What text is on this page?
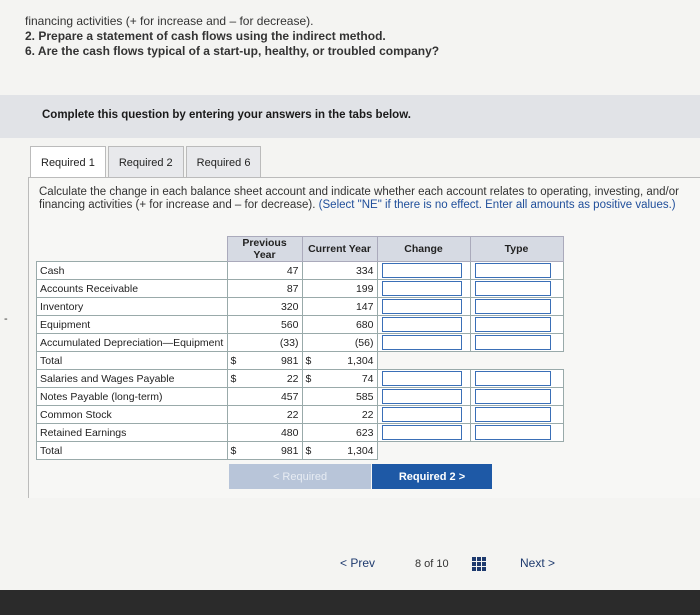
financing activities (+ for increase and – for decrease).
2. Prepare a statement of cash flows using the indirect method.
6. Are the cash flows typical of a start-up, healthy, or troubled company?
-
Complete this question by entering your answers in the tabs below.
Required 1	Required 2	Required 6
Calculate the change in each balance sheet account and indicate whether each account relates to operating, investing, and/or financing activities (+ for increase and – for decrease). (Select "NE" if there is no effect. Enter all amounts as positive values.)
	Previous Year		Current Year		Change	Type
Cash		47		334		
Accounts Receivable		87		199		
Inventory		320		147		
Equipment		560		680		
Accumulated Depreciation—Equipment		(33)		(56)		
Total	$	981	$	1,304		
Salaries and Wages Payable	$	22	$	74		
Notes Payable (long-term)		457		585		
Common Stock		22		22		
Retained Earnings		480		623		
Total	$	981	$	1,304		
< Required	Required 2 >
< Prev	8 of 10	Next >
